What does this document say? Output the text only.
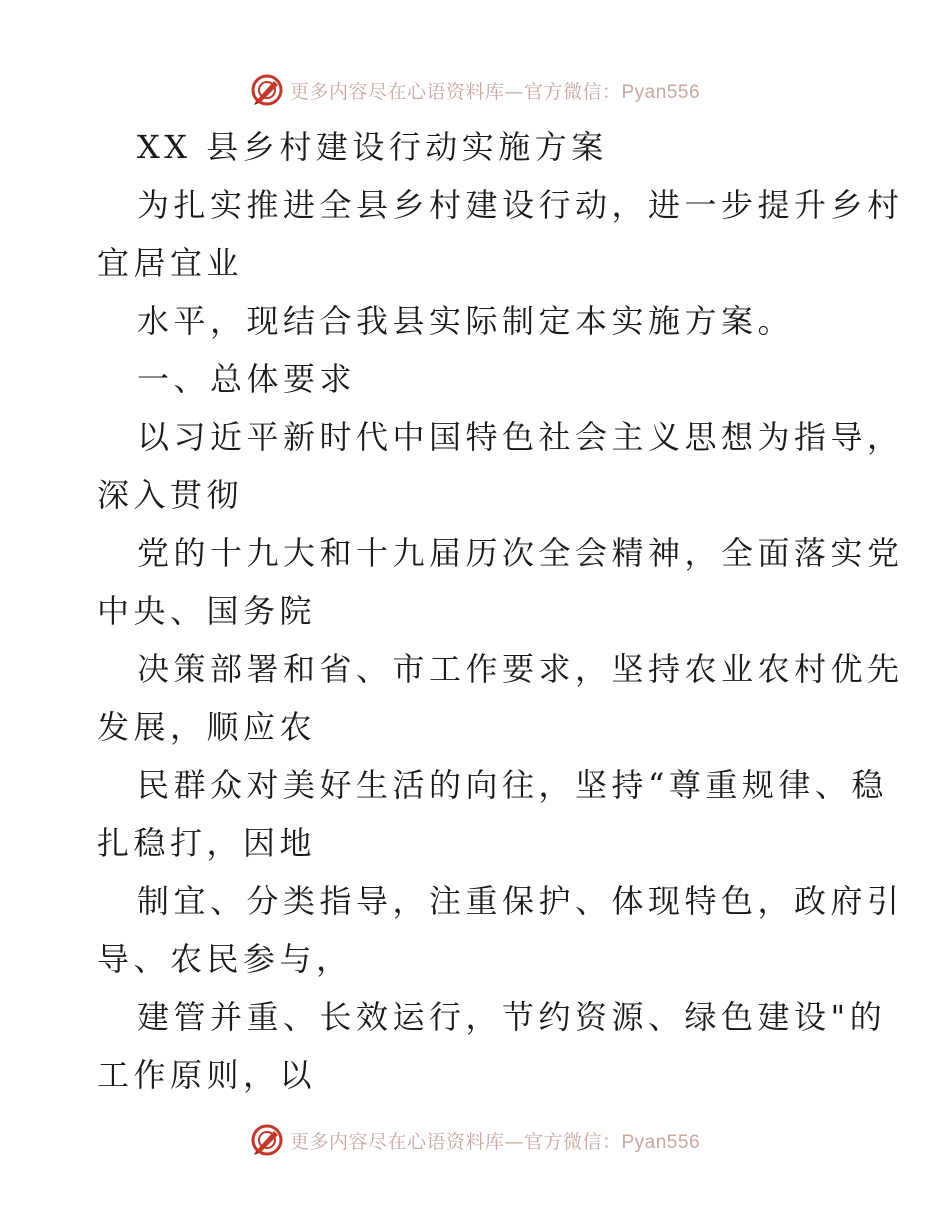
更多内容尽在心语资料库—官方微信：Pyan556

XX 县乡村建设行动实施方案

为扎实推进全县乡村建设行动，进一步提升乡村

宜居宜业

水平，现结合我县实际制定本实施方案。

一、总体要求

以习近平新时代中国特色社会主义思想为指导，

深入贯彻

党的十九大和十九届历次全会精神，全面落实党

中央、国务院

决策部署和省、市工作要求，坚持农业农村优先

发展，顺应农

民群众对美好生活的向往，坚持“尊重规律、稳

扎稳打，因地

制宜、分类指导，注重保护、体现特色，政府引

导、农民参与，

建管并重、长效运行，节约资源、绿色建设"的

工作原则，以

更多内容尽在心语资料库—官方微信：Pyan556
